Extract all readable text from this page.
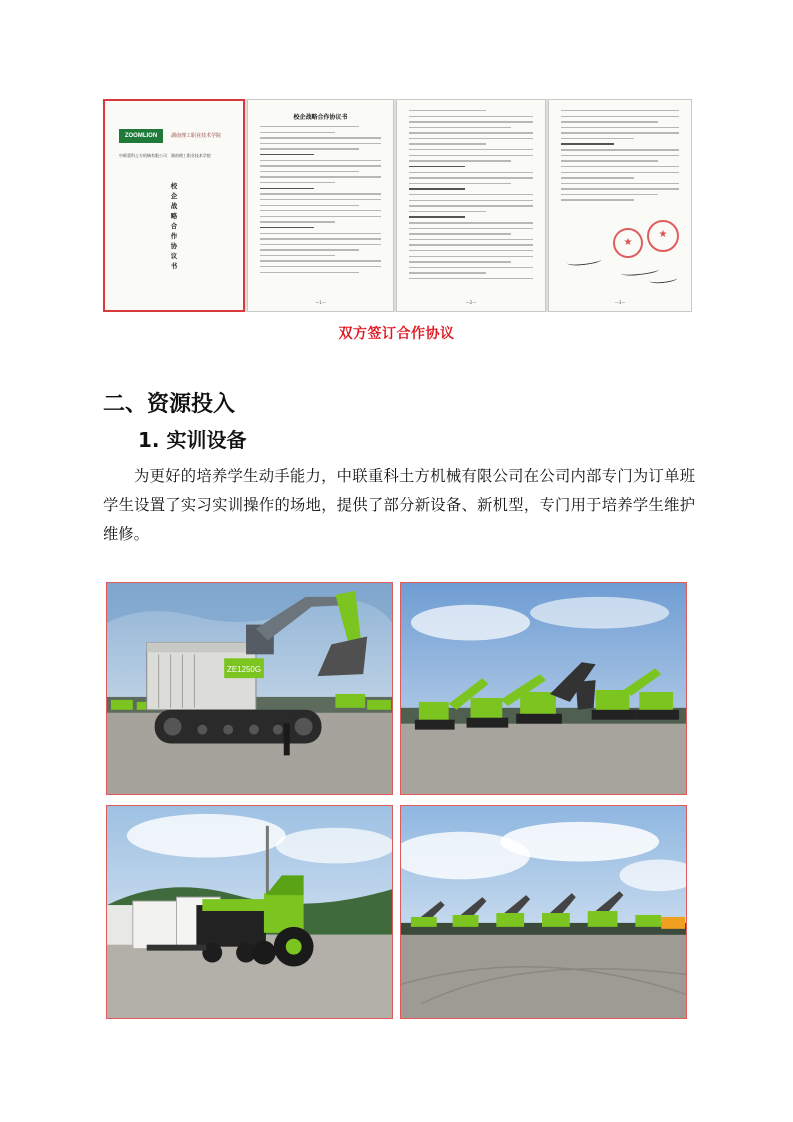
ZOOMLION	湖南理工职业技术学院
中联重科土方机械有限公司 湖南理工职业技术学院
校企战略合作协议书
校企战略合作协议书
—1—	—2—
★
★	—3—
双方签订合作协议
二、资源投入
1. 实训设备

为更好的培养学生动手能力，中联重科土方机械有限公司在公司内部专门为订单班学生设置了实习实训操作的场地，提供了部分新设备、新机型，专门用于培养学生维护维修。

ZE1250G
